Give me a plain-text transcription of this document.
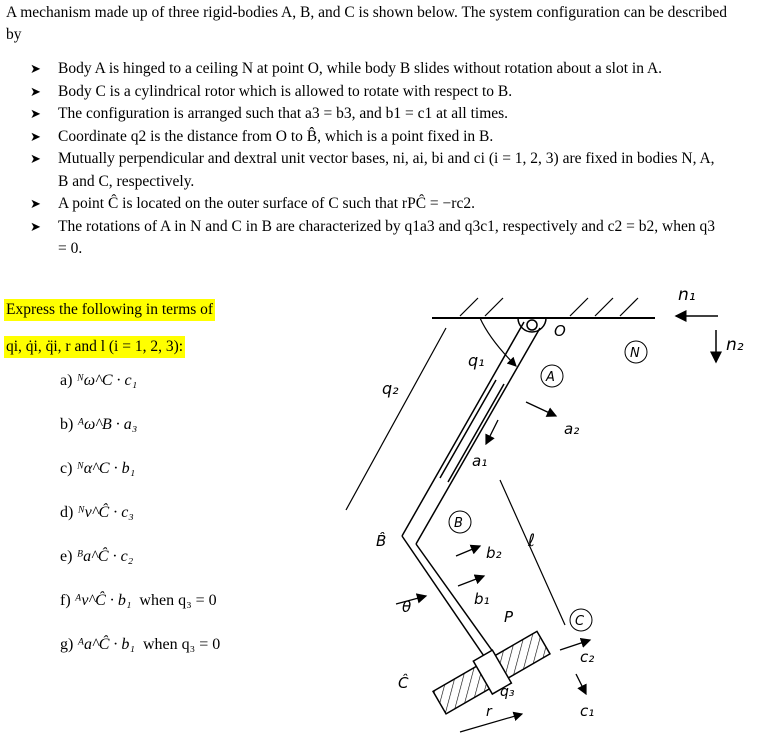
A mechanism made up of three rigid-bodies A, B, and C is shown below. The system configuration can be described by
➤ Body A is hinged to a ceiling N at point O, while body B slides without rotation about a slot in A.
➤ Body C is a cylindrical rotor which is allowed to rotate with respect to B.
➤ The configuration is arranged such that a3 = b3, and b1 = c1 at all times.
➤ Coordinate q2 is the distance from O to B̂, which is a point fixed in B.
➤ Mutually perpendicular and dextral unit vector bases, ni, ai, bi and ci (i = 1, 2, 3) are fixed in bodies N, A, B and C, respectively.
➤ A point Ĉ is located on the outer surface of C such that rPĈ = −rc2.
➤ The rotations of A in N and C in B are characterized by q1a3 and q3c1, respectively and c2 = b2, when q3 = 0.
Express the following in terms of
qi, q̇i, q̈i, r and l (i = 1, 2, 3):
a) ᴺω^C · c₁
b) ᴬω^B · a₃
c) ᴺα^C · b₁
d) ᴺv^Ĉ · c₃
e) ᴮa^Ĉ · c₂
f) ᴬv^Ĉ · b₁ when q₃ = 0
g) ᴬa^Ĉ · b₁ when q₃ = 0
O
N
A
B
C
n₁
n₂
q₁
q₂
a₁
a₂
ℓ
b₂
B̂
b₁
θ
P
c₂
Ĉ	q₃
c₁
r
